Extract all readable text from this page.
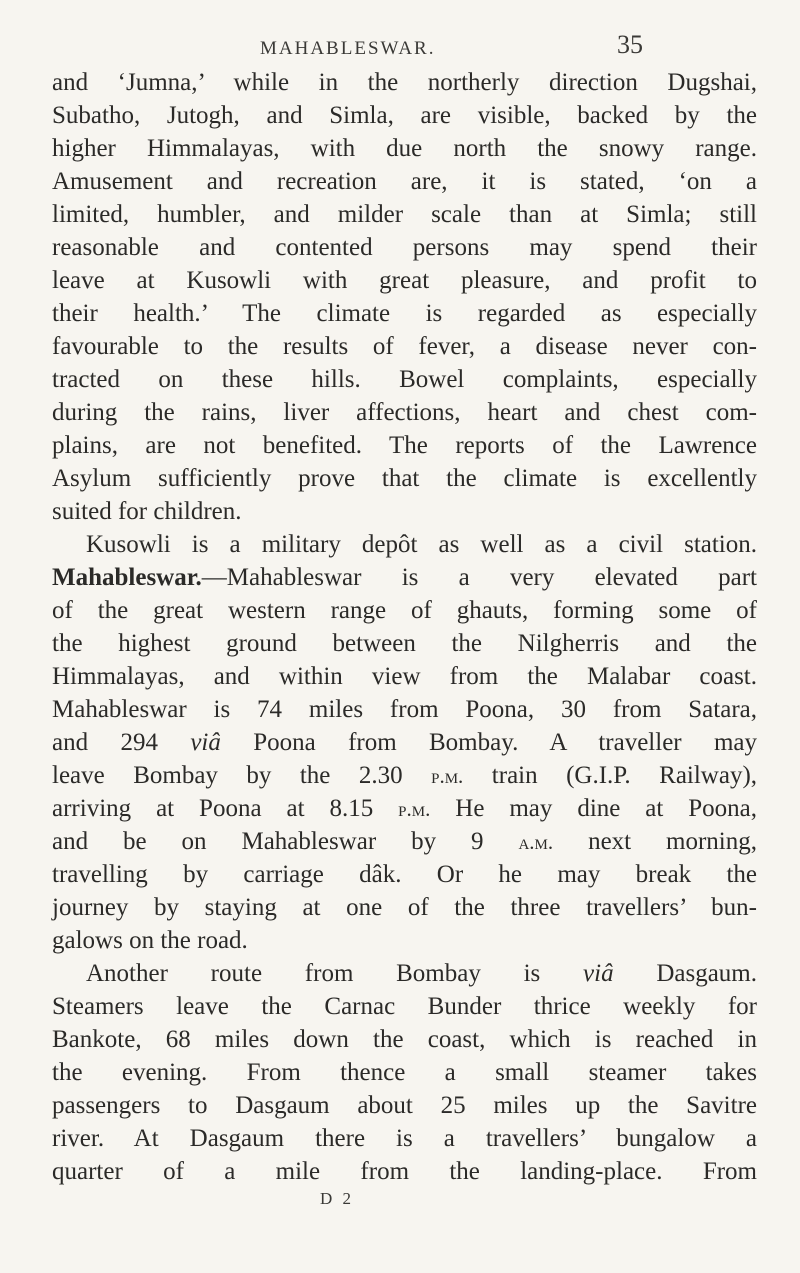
MAHABLESWAR.	35
and ‘Jumna,’ while in the northerly direction Dugshai,
Subatho, Jutogh, and Simla, are visible, backed by the
higher Himmalayas, with due north the snowy range.
Amusement and recreation are, it is stated, ‘on a
limited, humbler, and milder scale than at Simla; still
reasonable and contented persons may spend their
leave at Kusowli with great pleasure, and profit to
their health.’ The climate is regarded as especially
favourable to the results of fever, a disease never con-
tracted on these hills. Bowel complaints, especially
during the rains, liver affections, heart and chest com-
plains, are not benefited. The reports of the Lawrence
Asylum sufficiently prove that the climate is excellently
suited for children.
Kusowli is a military depôt as well as a civil station.
Mahableswar.—Mahableswar is a very elevated part
of the great western range of ghauts, forming some of
the highest ground between the Nilgherris and the
Himmalayas, and within view from the Malabar coast.
Mahableswar is 74 miles from Poona, 30 from Satara,
and 294 viâ Poona from Bombay. A traveller may
leave Bombay by the 2.30 p.m. train (G.I.P. Railway),
arriving at Poona at 8.15 p.m. He may dine at Poona,
and be on Mahableswar by 9 a.m. next morning,
travelling by carriage dâk. Or he may break the
journey by staying at one of the three travellers’ bun-
galows on the road.
Another route from Bombay is viâ Dasgaum.
Steamers leave the Carnac Bunder thrice weekly for
Bankote, 68 miles down the coast, which is reached in
the evening. From thence a small steamer takes
passengers to Dasgaum about 25 miles up the Savitre
river. At Dasgaum there is a travellers’ bungalow a
quarter of a mile from the landing-place. From
D 2
